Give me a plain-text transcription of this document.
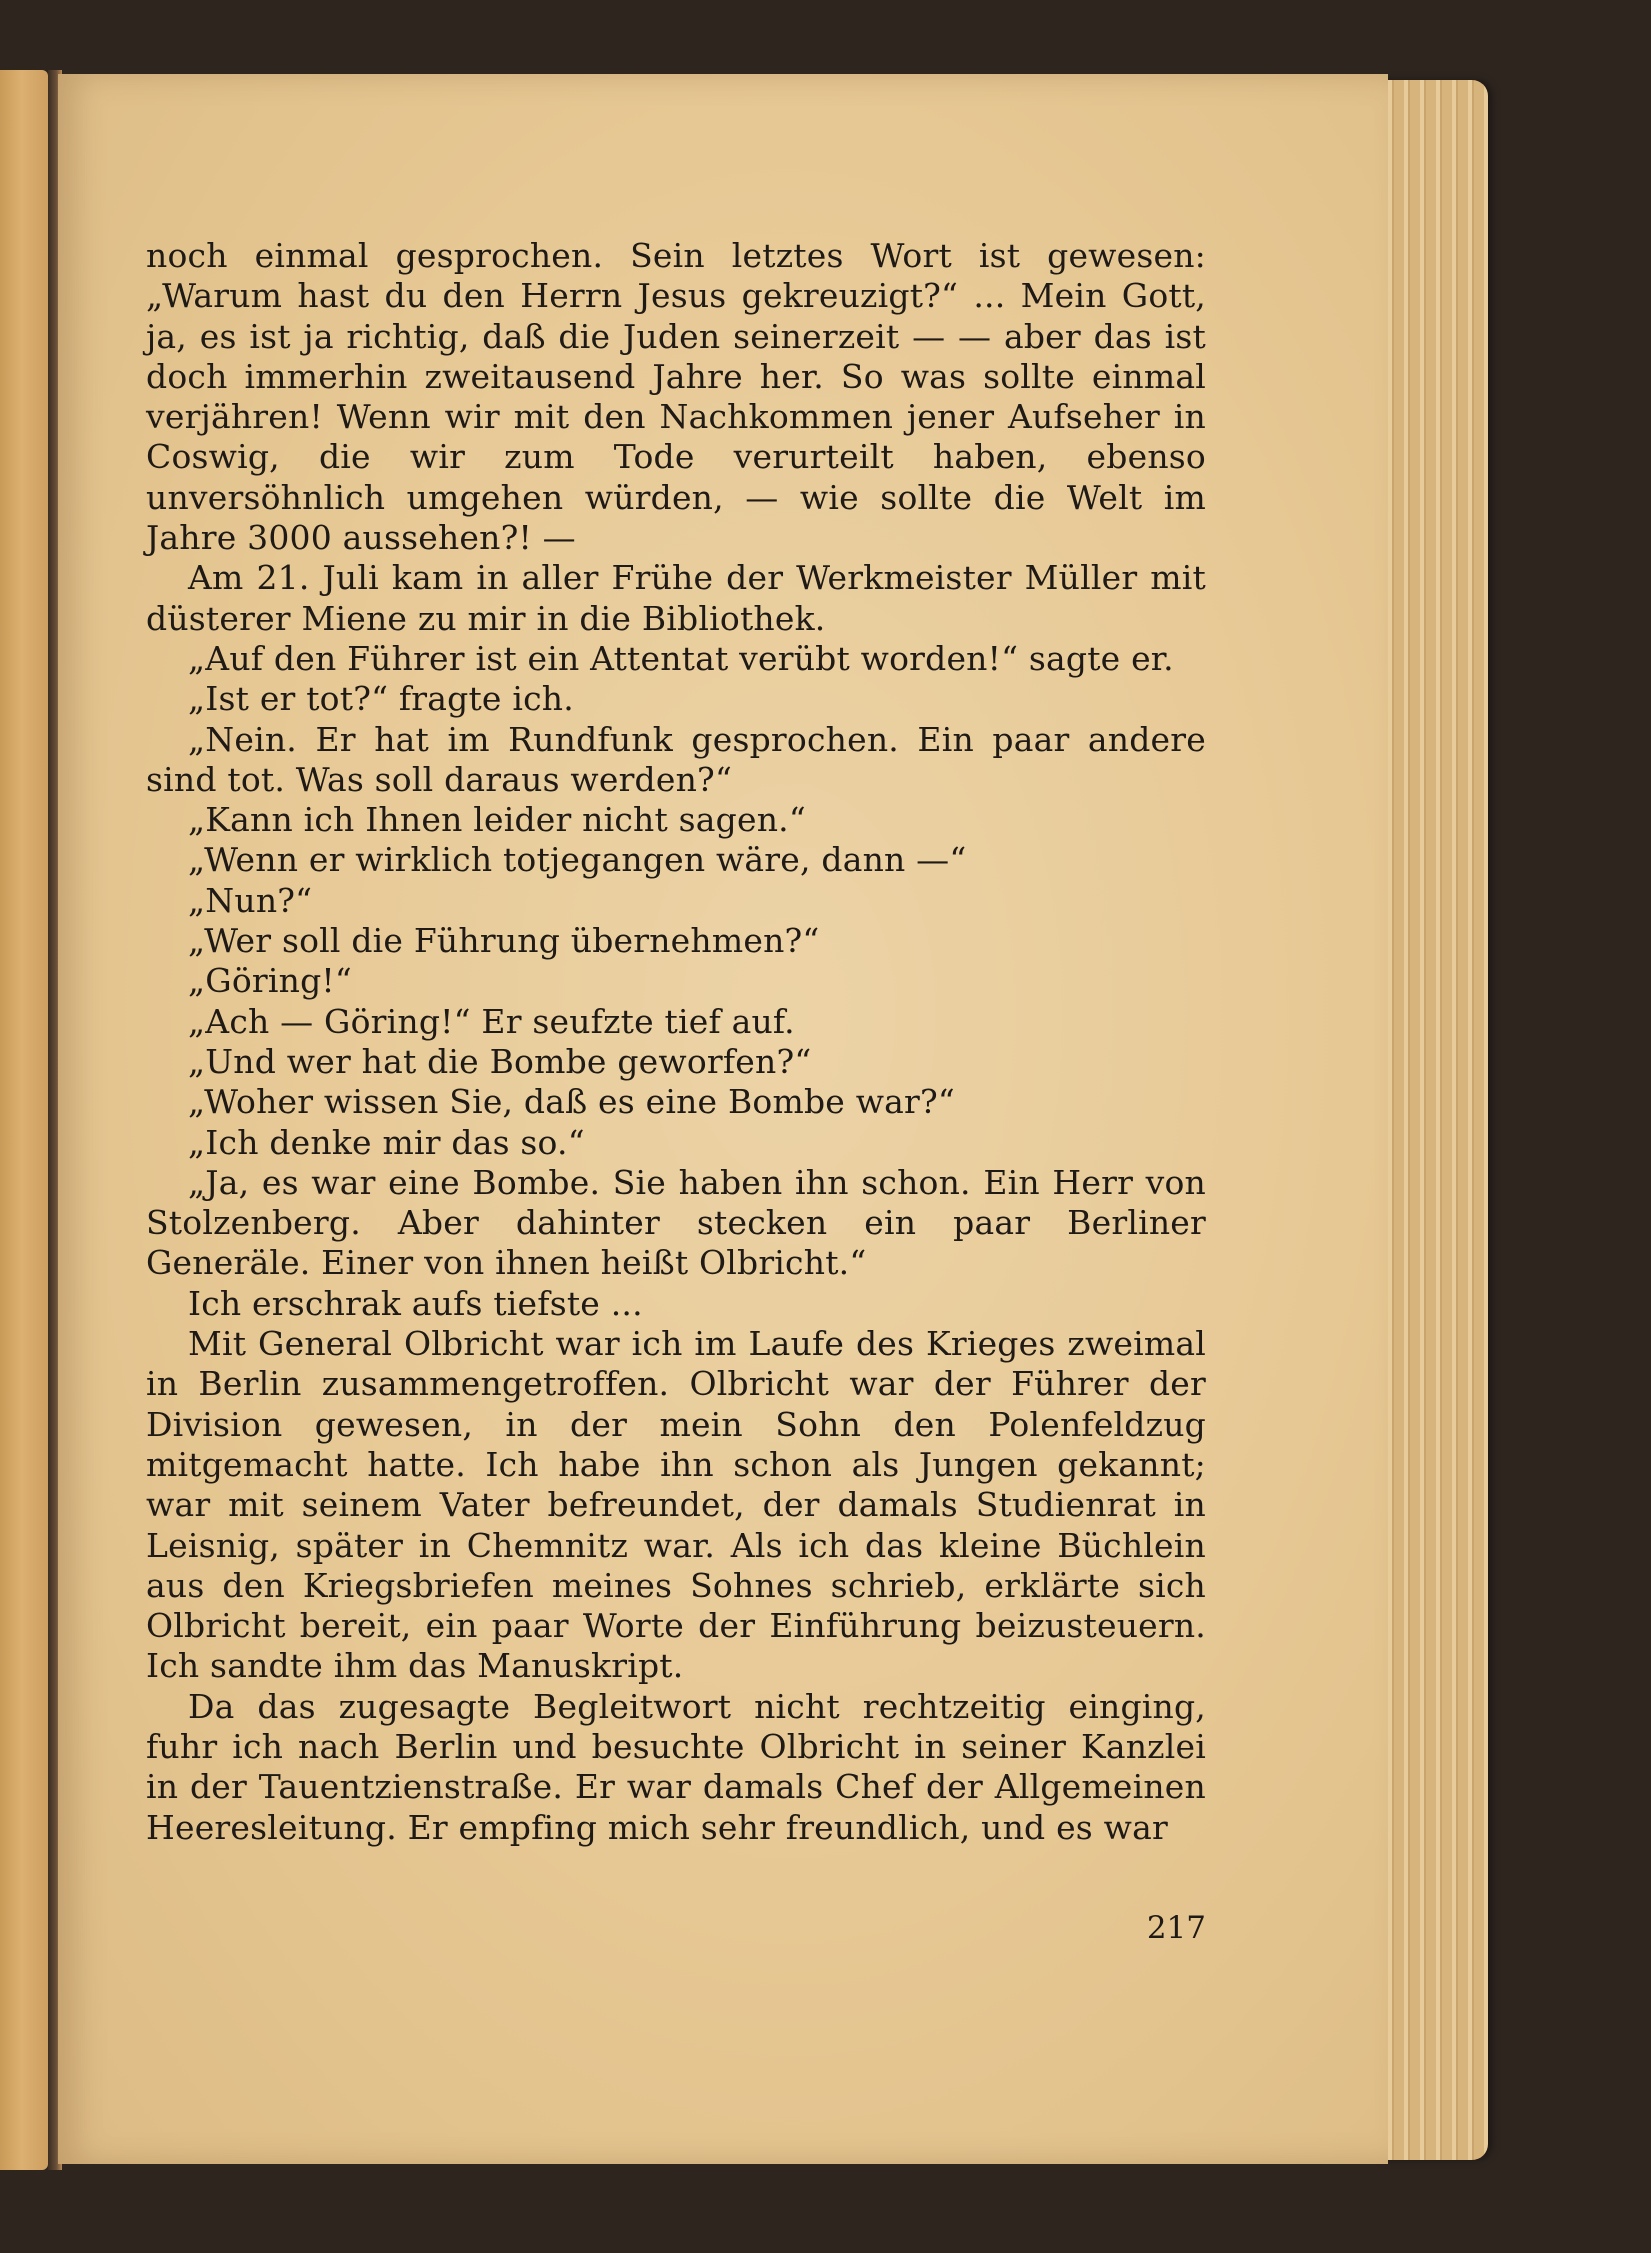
noch einmal gesprochen. Sein letztes Wort ist gewesen: „Warum hast du den Herrn Jesus gekreuzigt?“ ... Mein Gott, ja, es ist ja richtig, daß die Juden seinerzeit — — aber das ist doch immerhin zweitausend Jahre her. So was sollte einmal verjähren! Wenn wir mit den Nachkommen jener Aufseher in Coswig, die wir zum Tode verurteilt haben, ebenso unversöhnlich umgehen würden, — wie sollte die Welt im Jahre 3000 aussehen?! —

Am 21. Juli kam in aller Frühe der Werkmeister Müller mit düsterer Miene zu mir in die Bibliothek.

„Auf den Führer ist ein Attentat verübt worden!“ sagte er.

„Ist er tot?“ fragte ich.

„Nein. Er hat im Rundfunk gesprochen. Ein paar andere sind tot. Was soll daraus werden?“

„Kann ich Ihnen leider nicht sagen.“

„Wenn er wirklich totjegangen wäre, dann —“

„Nun?“

„Wer soll die Führung übernehmen?“

„Göring!“

„Ach — Göring!“ Er seufzte tief auf.

„Und wer hat die Bombe geworfen?“

„Woher wissen Sie, daß es eine Bombe war?“

„Ich denke mir das so.“

„Ja, es war eine Bombe. Sie haben ihn schon. Ein Herr von Stolzenberg. Aber dahinter stecken ein paar Berliner Generäle. Einer von ihnen heißt Olbricht.“

Ich erschrak aufs tiefste ...

Mit General Olbricht war ich im Laufe des Krieges zweimal in Berlin zusammengetroffen. Olbricht war der Führer der Division gewesen, in der mein Sohn den Polenfeldzug mitgemacht hatte. Ich habe ihn schon als Jungen gekannt; war mit seinem Vater befreundet, der damals Studienrat in Leisnig, später in Chemnitz war. Als ich das kleine Büchlein aus den Kriegsbriefen meines Sohnes schrieb, erklärte sich Olbricht bereit, ein paar Worte der Einführung beizusteuern. Ich sandte ihm das Manuskript.

Da das zugesagte Begleitwort nicht rechtzeitig einging, fuhr ich nach Berlin und besuchte Olbricht in seiner Kanzlei in der Tauentzienstraße. Er war damals Chef der Allgemeinen Heeresleitung. Er empfing mich sehr freundlich, und es war

217
